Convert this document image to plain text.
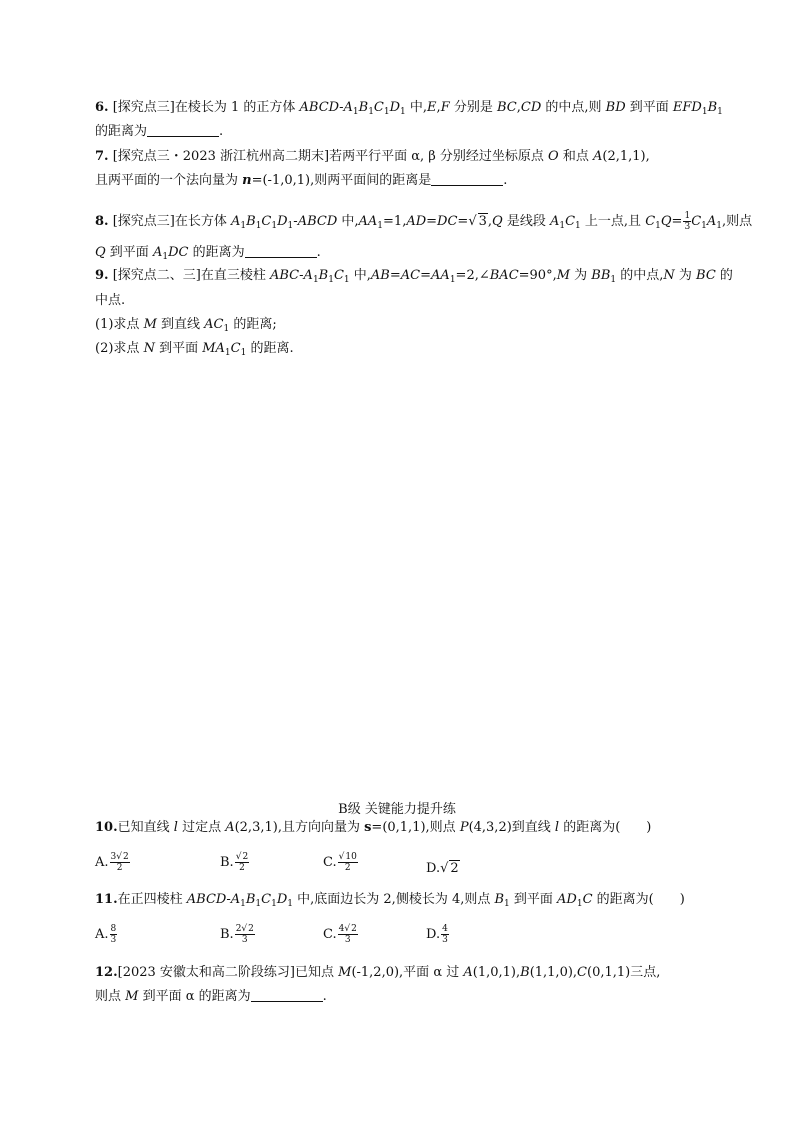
6. [探究点三]在棱长为 1 的正方体 ABCD-$A_1B_1C_1D_1$ 中,E,F 分别是 BC,CD 的中点,则 BD 到平面 $EFD_1B_1$
的距离为	.
7. [探究点三・2023 浙江杭州高二期末]若两平行平面 α, β 分别经过坐标原点 O 和点 A(2,1,1),
且两平面的一个法向量为 n=(-1,0,1),则两平面间的距离是	.
8. [探究点三]在长方体 $A_1B_1C_1D_1$-ABCD 中$,AA_1=1,AD=DC=√$ 3,Q 是线段 $A_1C_1$ 上一点,且 $C_1Q= \frac{1}{3} C_1A_1$,则点
Q 到平面 $A_1DC$ 的距离为	.
9. [探究点二、三]在直三棱柱 ABC-$A_1B_1C_1$ 中$,AB=AC=AA_1=2,\angle BAC=90^\circ,M$ 为 $BB_1$ 的中点,N 为 BC 的
中点.
(1)求点 M 到直线 $AC_1$ 的距离;
(2)求点 N 到平面 $MA_1C_1$ 的距离.
B级 关键能力提升练
10.已知直线 l 过定点 A(2,3,1),且方向向量为 s=(0,1,1),则点 P(4,3,2)到直线 l 的距离为(　　)
A. $\frac{3√2}{2}$	B. $\frac{√2}{2}$	C. $\frac{√10}{2}$	D.√ 2
11.在正四棱柱 ABCD-$A_1B_1C_1D_1$ 中,底面边长为 2,侧棱长为 4,则点 $B_1$ 到平面 $AD_1C$ 的距离为(　　)
A. $\frac{8}{3}$	B. $\frac{2√2}{3}$	C. $\frac{4√2}{3}$	D. $\frac{4}{3}$
12.[2023 安徽太和高二阶段练习]已知点 M(-1,2,0),平面 α 过 A(1,0,1),B(1,1,0),C(0,1,1)三点,
则点 M 到平面 α 的距离为	.
